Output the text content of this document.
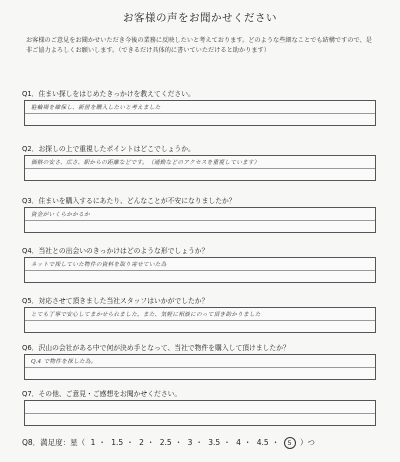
お客様の声をお聞かせください
お客様のご意見をお聞かせいただき今後の業務に反映したいと考えております。どのような些細なことでも結構ですので、是非ご協力よろしくお願いします。（できるだけ具体的に書いていただけると助かります）
Q1．住まい探しをはじめたきっかけを教えてください。
駐輪場を確保し、新居を購入したいと考えました
Q2．お探しの上で重視したポイントはどこでしょうか。
価格の安さ、広さ、駅からの距離などです。（通勤などのアクセスを重視しています）
Q3．住まいを購入するにあたり、どんなことが不安になりましたか？
資金がいくらかかるか
Q4．当社との出会いのきっかけはどのような形でしょうか？
ネットで探していた物件の資料を取り寄せていた為
Q5．対応させて頂きました当社スタッフはいかがでしたか？
とても丁寧で安心してまかせられました。また、気軽に相談にのって頂き助かりました
Q6．沢山の会社がある中で何が決め手となって、当社で物件を購入して頂けましたか？
Q.4 で物件を探した為。
Q7．その他、ご意見・ご感想をお聞かせください。
Q8．満足度：星（ 1 ・ 1.5 ・ 2 ・ 2.5 ・ 3 ・ 3.5 ・ 4 ・ 4.5 ・ 5 ）つ
